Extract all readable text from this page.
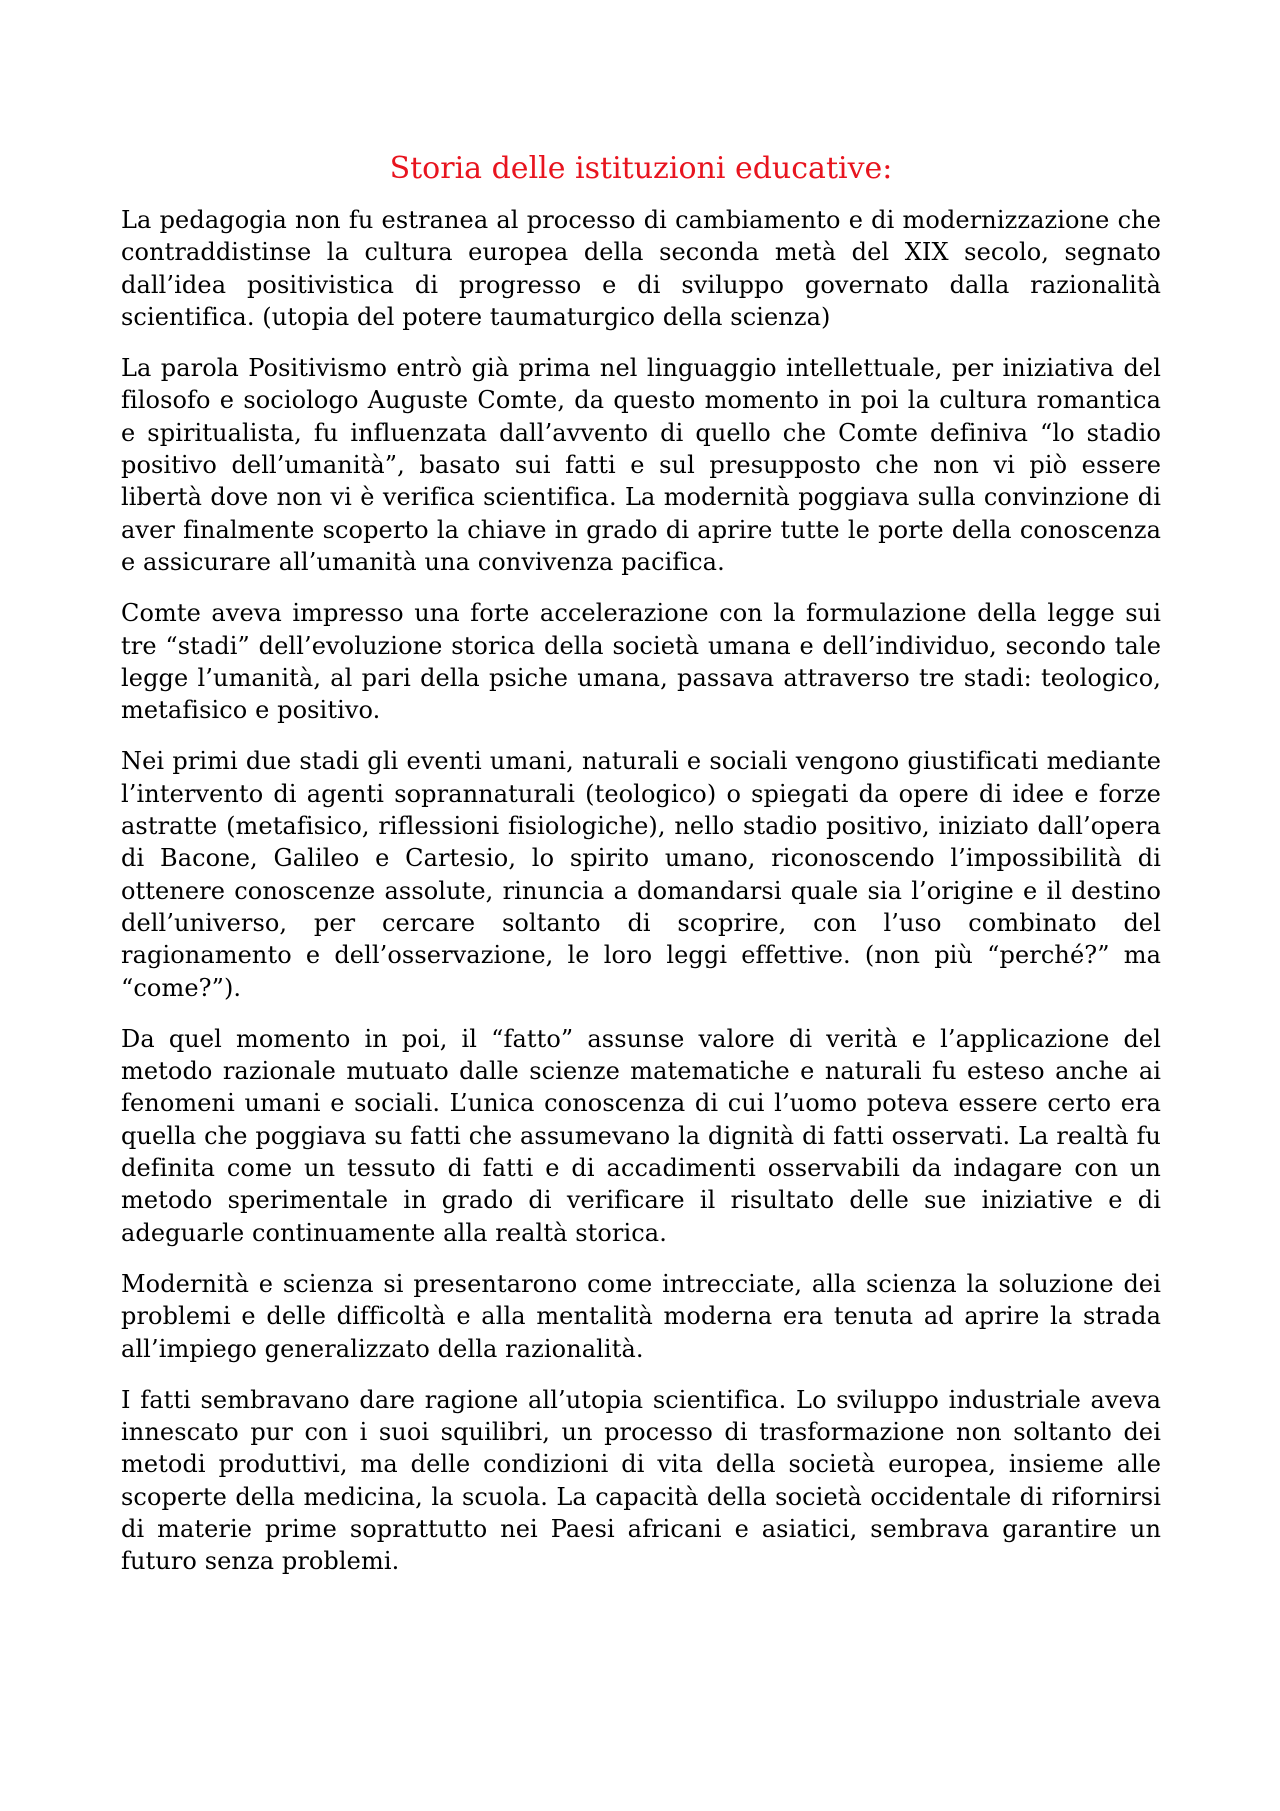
Storia delle istituzioni educative:

La pedagogia non fu estranea al processo di cambiamento e di modernizzazione che contraddistinse la cultura europea della seconda metà del XIX secolo, segnato dall’idea positivistica di progresso e di sviluppo governato dalla razionalità scientifica. (utopia del potere taumaturgico della scienza)

La parola Positivismo entrò già prima nel linguaggio intellettuale, per iniziativa del filosofo e sociologo Auguste Comte, da questo momento in poi la cultura romantica e spiritualista, fu influenzata dall’avvento di quello che Comte definiva “lo stadio positivo dell’umanità”, basato sui fatti e sul presupposto che non vi piò essere libertà dove non vi è verifica scientifica. La modernità poggiava sulla convinzione di aver finalmente scoperto la chiave in grado di aprire tutte le porte della conoscenza e assicurare all’umanità una convivenza pacifica.

Comte aveva impresso una forte accelerazione con la formulazione della legge sui tre “stadi” dell’evoluzione storica della società umana e dell’individuo, secondo tale legge l’umanità, al pari della psiche umana, passava attraverso tre stadi: teologico, metafisico e positivo.

Nei primi due stadi gli eventi umani, naturali e sociali vengono giustificati mediante l’intervento di agenti soprannaturali (teologico) o spiegati da opere di idee e forze astratte (metafisico, riflessioni fisiologiche), nello stadio positivo, iniziato dall’opera di Bacone, Galileo e Cartesio, lo spirito umano, riconoscendo l’impossibilità di ottenere conoscenze assolute, rinuncia a domandarsi quale sia l’origine e il destino dell’universo, per cercare soltanto di scoprire, con l’uso combinato del ragionamento e dell’osservazione, le loro leggi effettive. (non più “perché?” ma “come?”).

Da quel momento in poi, il “fatto” assunse valore di verità e l’applicazione del metodo razionale mutuato dalle scienze matematiche e naturali fu esteso anche ai fenomeni umani e sociali. L’unica conoscenza di cui l’uomo poteva essere certo era quella che poggiava su fatti che assumevano la dignità di fatti osservati. La realtà fu definita come un tessuto di fatti e di accadimenti osservabili da indagare con un metodo sperimentale in grado di verificare il risultato delle sue iniziative e di adeguarle continuamente alla realtà storica.

Modernità e scienza si presentarono come intrecciate, alla scienza la soluzione dei problemi e delle difficoltà e alla mentalità moderna era tenuta ad aprire la strada all’impiego generalizzato della razionalità.

I fatti sembravano dare ragione all’utopia scientifica. Lo sviluppo industriale aveva innescato pur con i suoi squilibri, un processo di trasformazione non soltanto dei metodi produttivi, ma delle condizioni di vita della società europea, insieme alle scoperte della medicina, la scuola. La capacità della società occidentale di rifornirsi di materie prime soprattutto nei Paesi africani e asiatici, sembrava garantire un futuro senza problemi.
